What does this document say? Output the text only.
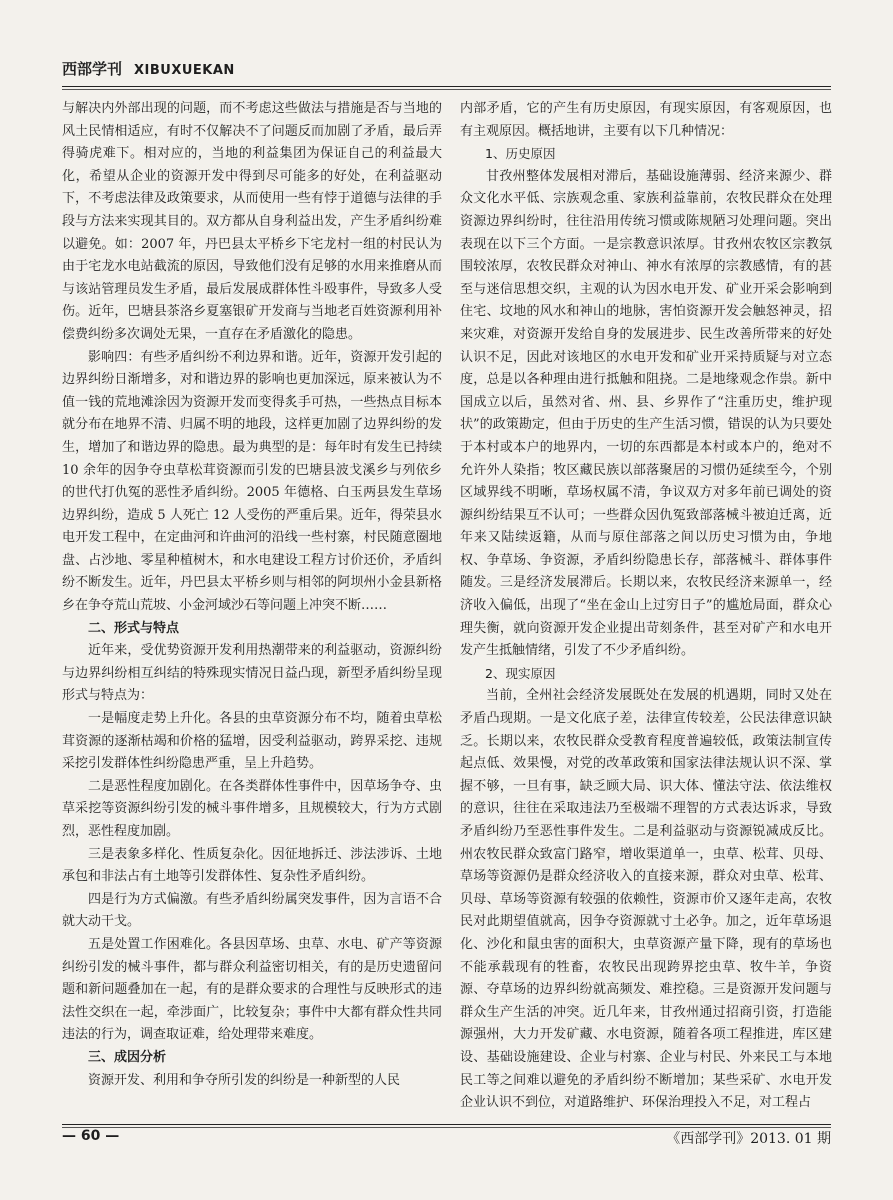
西部学刊 XIBUXUEKAN

与解决内外部出现的问题，而不考虑这些做法与措施是否与当地的风土民情相适应，有时不仅解决不了问题反而加剧了矛盾，最后弄得骑虎难下。相对应的，当地的利益集团为保证自己的利益最大化，希望从企业的资源开发中得到尽可能多的好处，在利益驱动下，不考虑法律及政策要求，从而使用一些有悖于道德与法律的手段与方法来实现其目的。双方都从自身利益出发，产生矛盾纠纷难以避免。如：2007 年，丹巴县太平桥乡下宅龙村一组的村民认为由于宅龙水电站截流的原因，导致他们没有足够的水用来推磨从而与该站管理员发生矛盾，最后发展成群体性斗殴事件，导致多人受伤。近年，巴塘县茶洛乡夏塞银矿开发商与当地老百姓资源利用补偿费纠纷多次调处无果，一直存在矛盾激化的隐患。

影响四：有些矛盾纠纷不利边界和谐。近年，资源开发引起的边界纠纷日渐增多，对和谐边界的影响也更加深远，原来被认为不值一钱的荒地滩涂因为资源开发而变得炙手可热，一些热点目标本就分布在地界不清、归属不明的地段，这样更加剧了边界纠纷的发生，增加了和谐边界的隐患。最为典型的是：每年时有发生已持续 10 余年的因争夺虫草松茸资源而引发的巴塘县波戈溪乡与列依乡的世代打仇冤的恶性矛盾纠纷。2005 年德格、白玉两县发生草场边界纠纷，造成 5 人死亡 12 人受伤的严重后果。近年，得荣县水电开发工程中，在定曲河和许曲河的沿线一些村寨，村民随意圈地盘、占沙地、零星种植树木，和水电建设工程方讨价还价，矛盾纠纷不断发生。近年，丹巴县太平桥乡则与相邻的阿坝州小金县新格乡在争夺荒山荒坡、小金河域沙石等问题上冲突不断……

二、形式与特点

近年来，受优势资源开发利用热潮带来的利益驱动，资源纠纷与边界纠纷相互纠结的特殊现实情况日益凸现，新型矛盾纠纷呈现形式与特点为：

一是幅度走势上升化。各县的虫草资源分布不均，随着虫草松茸资源的逐渐枯竭和价格的猛增，因受利益驱动，跨界采挖、违规采挖引发群体性纠纷隐患严重，呈上升趋势。

二是恶性程度加剧化。在各类群体性事件中，因草场争夺、虫草采挖等资源纠纷引发的械斗事件增多，且规模较大，行为方式剧烈，恶性程度加剧。

三是表象多样化、性质复杂化。因征地拆迁、涉法涉诉、土地承包和非法占有土地等引发群体性、复杂性矛盾纠纷。

四是行为方式偏激。有些矛盾纠纷属突发事件，因为言语不合就大动干戈。

五是处置工作困难化。各县因草场、虫草、水电、矿产等资源纠纷引发的械斗事件，都与群众利益密切相关，有的是历史遗留问题和新问题叠加在一起，有的是群众要求的合理性与反映形式的违法性交织在一起，牵涉面广，比较复杂；事件中大都有群众性共同违法的行为，调查取证难，给处理带来难度。

三、成因分析

资源开发、利用和争夺所引发的纠纷是一种新型的人民

内部矛盾，它的产生有历史原因，有现实原因，有客观原因，也有主观原因。概括地讲，主要有以下几种情况：

1、历史原因

甘孜州整体发展相对滞后，基础设施薄弱、经济来源少、群众文化水平低、宗族观念重、家族利益靠前，农牧民群众在处理资源边界纠纷时，往往沿用传统习惯或陈规陋习处理问题。突出表现在以下三个方面。一是宗教意识浓厚。甘孜州农牧区宗教氛围较浓厚，农牧民群众对神山、神水有浓厚的宗教感情，有的甚至与迷信思想交织，主观的认为因水电开发、矿业开采会影响到住宅、坟地的风水和神山的地脉，害怕资源开发会触怒神灵，招来灾难，对资源开发给自身的发展进步、民生改善所带来的好处认识不足，因此对该地区的水电开发和矿业开采持质疑与对立态度，总是以各种理由进行抵触和阻挠。二是地缘观念作祟。新中国成立以后，虽然对省、州、县、乡界作了“注重历史，维护现状”的政策勘定，但由于历史的生产生活习惯，错误的认为只要处于本村或本户的地界内，一切的东西都是本村或本户的，绝对不允许外人染指；牧区藏民族以部落聚居的习惯仍延续至今，个别区域界线不明晰，草场权属不清，争议双方对多年前已调处的资源纠纷结果互不认可；一些群众因仇冤致部落械斗被迫迁离，近年来又陆续返籍，从而与原住部落之间以历史习惯为由，争地权、争草场、争资源，矛盾纠纷隐患长存，部落械斗、群体事件随发。三是经济发展滞后。长期以来，农牧民经济来源单一，经济收入偏低，出现了“坐在金山上过穷日子”的尴尬局面，群众心理失衡，就向资源开发企业提出苛刻条件，甚至对矿产和水电开发产生抵触情绪，引发了不少矛盾纠纷。

2、现实原因

当前，全州社会经济发展既处在发展的机遇期，同时又处在矛盾凸现期。一是文化底子差，法律宣传较差，公民法律意识缺乏。长期以来，农牧民群众受教育程度普遍较低，政策法制宣传起点低、效果慢，对党的改革政策和国家法律法规认识不深、掌握不够，一旦有事，缺乏顾大局、识大体、懂法守法、依法维权的意识，往往在采取违法乃至极端不理智的方式表达诉求，导致矛盾纠纷乃至恶性事件发生。二是利益驱动与资源锐减成反比。州农牧民群众致富门路窄，增收渠道单一，虫草、松茸、贝母、草场等资源仍是群众经济收入的直接来源，群众对虫草、松茸、贝母、草场等资源有较强的依赖性，资源市价又逐年走高，农牧民对此期望值就高，因争夺资源就寸土必争。加之，近年草场退化、沙化和鼠虫害的面积大，虫草资源产量下降，现有的草场也不能承载现有的牲畜，农牧民出现跨界挖虫草、牧牛羊，争资源、夺草场的边界纠纷就高频发、难控稳。三是资源开发问题与群众生产生活的冲突。近几年来，甘孜州通过招商引资，打造能源强州，大力开发矿藏、水电资源，随着各项工程推进，库区建设、基础设施建设、企业与村寨、企业与村民、外来民工与本地民工等之间难以避免的矛盾纠纷不断增加；某些采矿、水电开发企业认识不到位，对道路维护、环保治理投入不足，对工程占

— 60 —	《西部学刊》2013. 01 期
